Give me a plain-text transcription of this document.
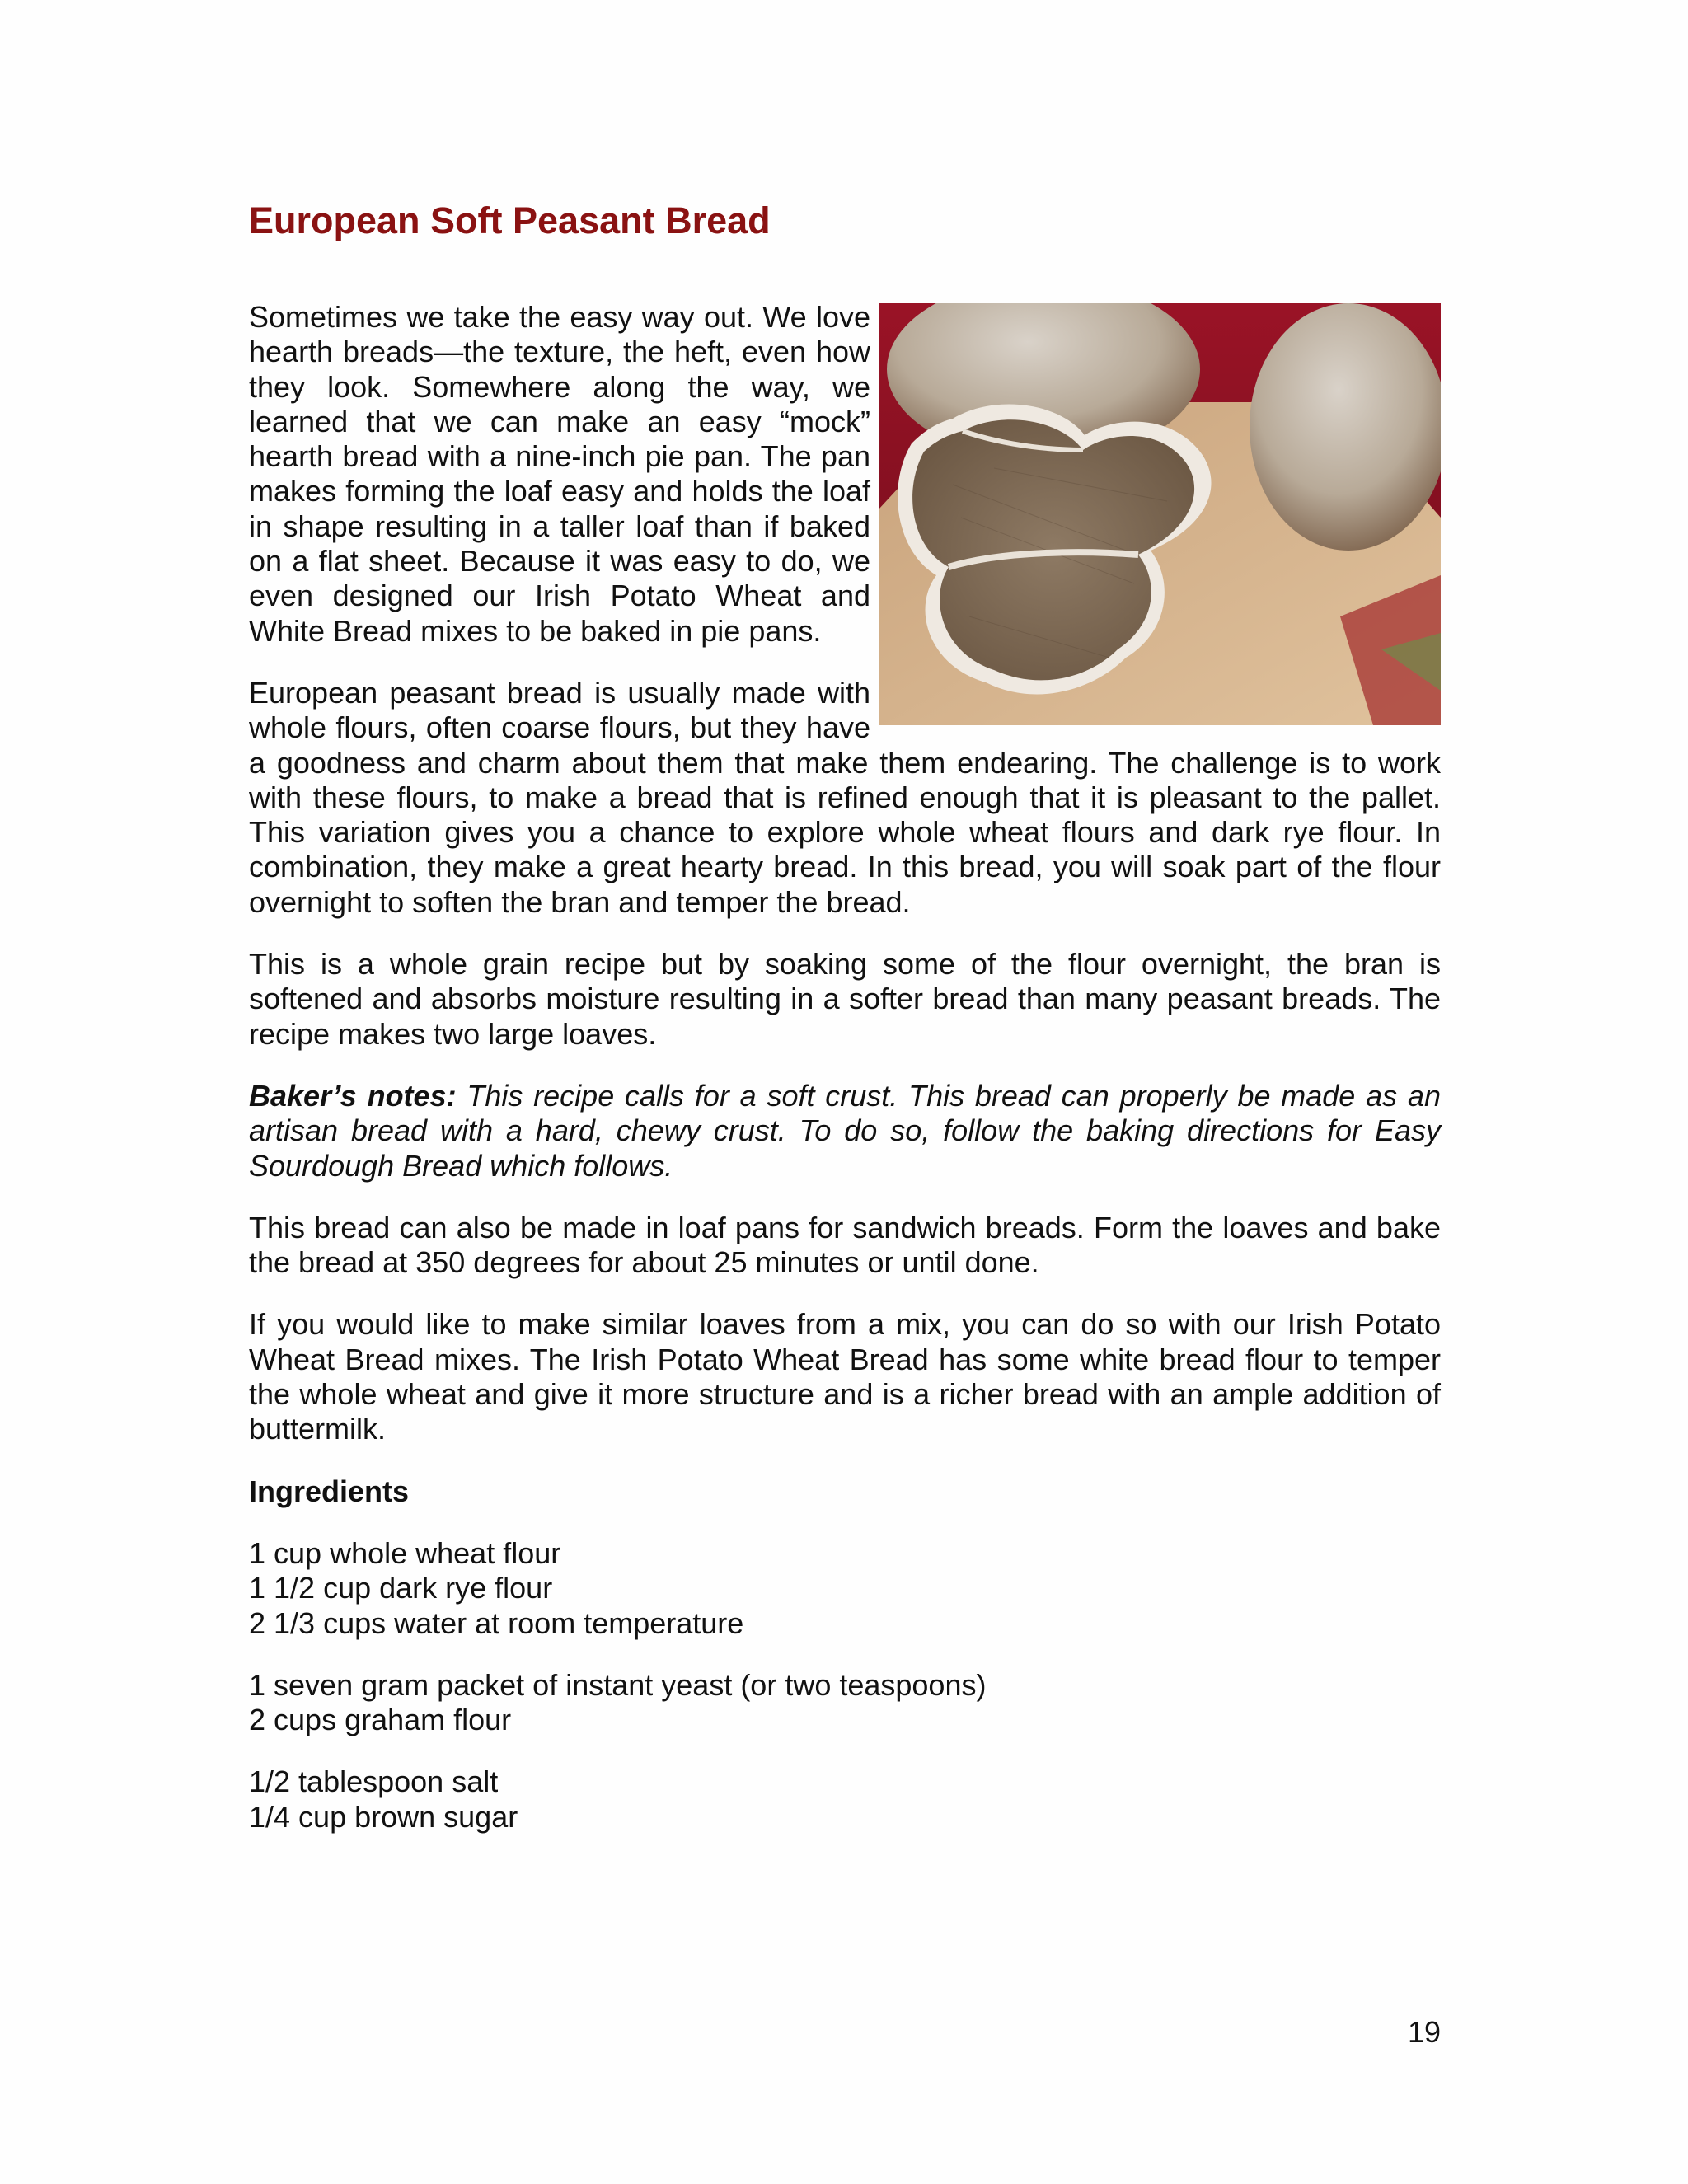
European Soft Peasant Bread

Sometimes we take the easy way out. We love hearth breads—the texture, the heft, even how they look. Somewhere along the way, we learned that we can make an easy “mock” hearth bread with a nine-inch pie pan. The pan makes forming the loaf easy and holds the loaf in shape resulting in a taller loaf than if baked on a flat sheet. Because it was easy to do, we even designed our Irish Potato Wheat and White Bread mixes to be baked in pie pans.

European peasant bread is usually made with whole flours, often coarse flours, but they have a goodness and charm about them that make them endearing. The challenge is to work with these flours, to make a bread that is refined enough that it is pleasant to the pallet. This variation gives you a chance to explore whole wheat flours and dark rye flour. In combination, they make a great hearty bread. In this bread, you will soak part of the flour overnight to soften the bran and temper the bread.

This is a whole grain recipe but by soaking some of the flour overnight, the bran is softened and absorbs moisture resulting in a softer bread than many peasant breads. The recipe makes two large loaves.

Baker’s notes: This recipe calls for a soft crust. This bread can properly be made as an artisan bread with a hard, chewy crust. To do so, follow the baking directions for Easy Sourdough Bread which follows.

This bread can also be made in loaf pans for sandwich breads. Form the loaves and bake the bread at 350 degrees for about 25 minutes or until done.

If you would like to make similar loaves from a mix, you can do so with our Irish Potato Wheat Bread mixes. The Irish Potato Wheat Bread has some white bread flour to temper the whole wheat and give it more structure and is a richer bread with an ample addition of buttermilk.

Ingredients

1 cup whole wheat flour
1 1/2 cup dark rye flour
2 1/3 cups water at room temperature
1 seven gram packet of instant yeast (or two teaspoons)
2 cups graham flour
1/2 tablespoon salt
1/4 cup brown sugar
19
